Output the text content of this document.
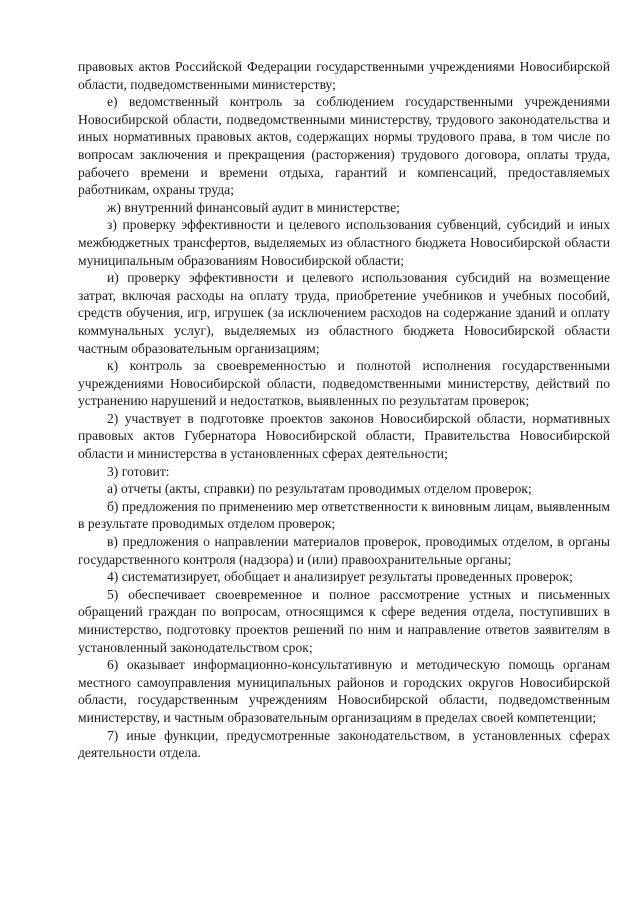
правовых актов Российской Федерации государственными учреждениями Новосибирской области, подведомственными министерству;

е) ведомственный контроль за соблюдением государственными учреждениями Новосибирской области, подведомственными министерству, трудового законодательства и иных нормативных правовых актов, содержащих нормы трудового права, в том числе по вопросам заключения и прекращения (расторжения) трудового договора, оплаты труда, рабочего времени и времени отдыха, гарантий и компенсаций, предоставляемых работникам, охраны труда;

ж) внутренний финансовый аудит в министерстве;

з) проверку эффективности и целевого использования субвенций, субсидий и иных межбюджетных трансфертов, выделяемых из областного бюджета Новосибирской области муниципальным образованиям Новосибирской области;

и) проверку эффективности и целевого использования субсидий на возмещение затрат, включая расходы на оплату труда, приобретение учебников и учебных пособий, средств обучения, игр, игрушек (за исключением расходов на содержание зданий и оплату коммунальных услуг), выделяемых из областного бюджета Новосибирской области частным образовательным организациям;

к) контроль за своевременностью и полнотой исполнения государственными учреждениями Новосибирской области, подведомственными министерству, действий по устранению нарушений и недостатков, выявленных по результатам проверок;

2) участвует в подготовке проектов законов Новосибирской области, нормативных правовых актов Губернатора Новосибирской области, Правительства Новосибирской области и министерства в установленных сферах деятельности;

3) готовит:

а) отчеты (акты, справки) по результатам проводимых отделом проверок;

б) предложения по применению мер ответственности к виновным лицам, выявленным в результате проводимых отделом проверок;

в) предложения о направлении материалов проверок, проводимых отделом, в органы государственного контроля (надзора) и (или) правоохранительные органы;

4) систематизирует, обобщает и анализирует результаты проведенных проверок;

5) обеспечивает своевременное и полное рассмотрение устных и письменных обращений граждан по вопросам, относящимся к сфере ведения отдела, поступивших в министерство, подготовку проектов решений по ним и направление ответов заявителям в установленный законодательством срок;

6) оказывает информационно-консультативную и методическую помощь органам местного самоуправления муниципальных районов и городских округов Новосибирской области, государственным учреждениям Новосибирской области, подведомственным министерству, и частным образовательным организациям в пределах своей компетенции;

7) иные функции, предусмотренные законодательством, в установленных сферах деятельности отдела.
